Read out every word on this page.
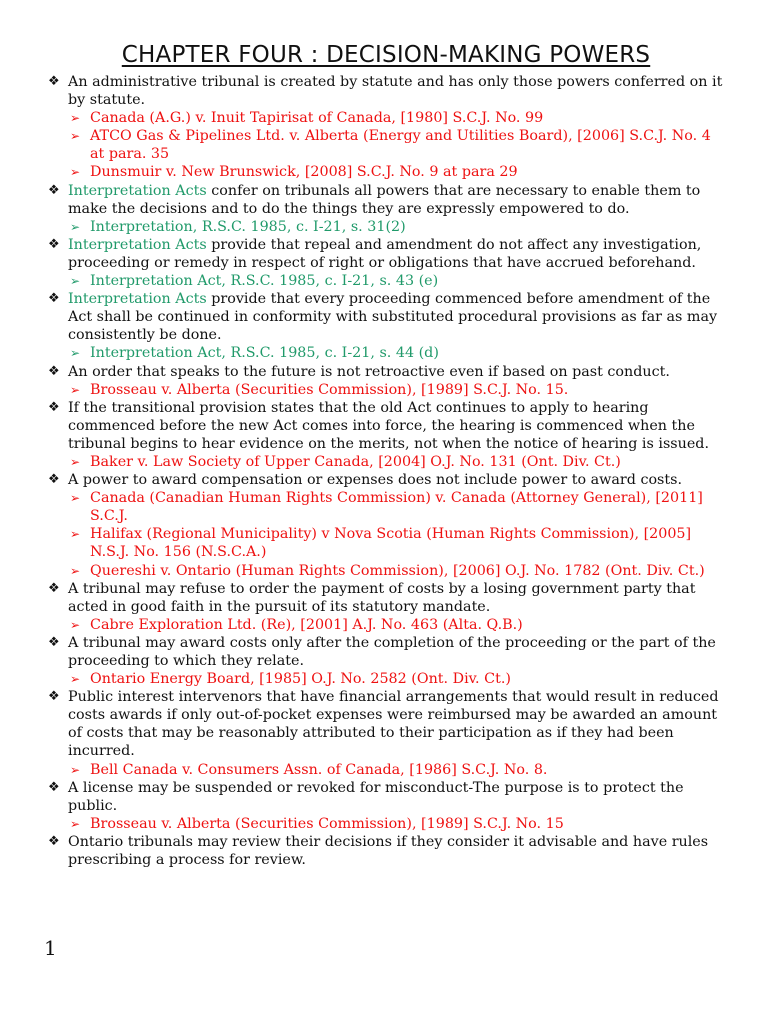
CHAPTER FOUR : DECISION-MAKING POWERS
❖ An administrative tribunal is created by statute and has only those powers conferred on it by statute.
➢ Canada (A.G.) v. Inuit Tapirisat of Canada, [1980] S.C.J. No. 99
➢ ATCO Gas & Pipelines Ltd. v. Alberta (Energy and Utilities Board), [2006] S.C.J. No. 4 at para. 35
➢ Dunsmuir v. New Brunswick, [2008] S.C.J. No. 9 at para 29
❖ Interpretation Acts confer on tribunals all powers that are necessary to enable them to make the decisions and to do the things they are expressly empowered to do.
➢ Interpretation, R.S.C. 1985, c. I-21, s. 31(2)
❖ Interpretation Acts provide that repeal and amendment do not affect any investigation, proceeding or remedy in respect of right or obligations that have accrued beforehand.
➢ Interpretation Act, R.S.C. 1985, c. I-21, s. 43 (e)
❖ Interpretation Acts provide that every proceeding commenced before amendment of the Act shall be continued in conformity with substituted procedural provisions as far as may consistently be done.
➢ Interpretation Act, R.S.C. 1985, c. I-21, s. 44 (d)
❖ An order that speaks to the future is not retroactive even if based on past conduct.
➢ Brosseau v. Alberta (Securities Commission), [1989] S.C.J. No. 15.
❖ If the transitional provision states that the old Act continues to apply to hearing commenced before the new Act comes into force, the hearing is commenced when the tribunal begins to hear evidence on the merits, not when the notice of hearing is issued.
➢ Baker v. Law Society of Upper Canada, [2004] O.J. No. 131 (Ont. Div. Ct.)
❖ A power to award compensation or expenses does not include power to award costs.
➢ Canada (Canadian Human Rights Commission) v. Canada (Attorney General), [2011] S.C.J.
➢ Halifax (Regional Municipality) v Nova Scotia (Human Rights Commission), [2005] N.S.J. No. 156 (N.S.C.A.)
➢ Quereshi v. Ontario (Human Rights Commission), [2006] O.J. No. 1782 (Ont. Div. Ct.)
❖ A tribunal may refuse to order the payment of costs by a losing government party that acted in good faith in the pursuit of its statutory mandate.
➢ Cabre Exploration Ltd. (Re), [2001] A.J. No. 463 (Alta. Q.B.)
❖ A tribunal may award costs only after the completion of the proceeding or the part of the proceeding to which they relate.
➢ Ontario Energy Board, [1985] O.J. No. 2582 (Ont. Div. Ct.)
❖ Public interest intervenors that have financial arrangements that would result in reduced costs awards if only out-of-pocket expenses were reimbursed may be awarded an amount of costs that may be reasonably attributed to their participation as if they had been incurred.
➢ Bell Canada v. Consumers Assn. of Canada, [1986] S.C.J. No. 8.
❖ A license may be suspended or revoked for misconduct-The purpose is to protect the public.
➢ Brosseau v. Alberta (Securities Commission), [1989] S.C.J. No. 15
❖ Ontario tribunals may review their decisions if they consider it advisable and have rules prescribing a process for review.
1
